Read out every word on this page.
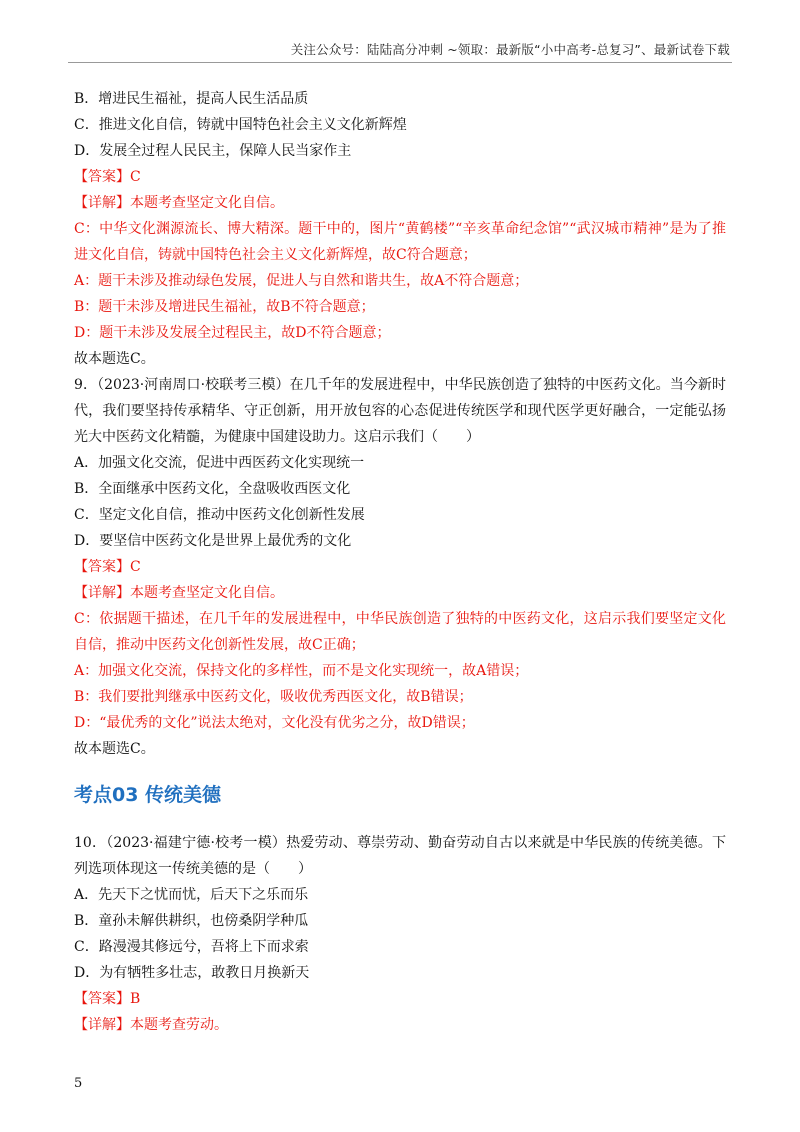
关注公众号：陆陆高分冲刺 ~领取：最新版“小中高考-总复习”、最新试卷下载

B．增进民生福祉，提高人民生活品质

C．推进文化自信，铸就中国特色社会主义文化新辉煌

D．发展全过程人民民主，保障人民当家作主

【答案】C

【详解】本题考查坚定文化自信。

C：中华文化渊源流长、博大精深。题干中的，图片“黄鹤楼”“辛亥革命纪念馆”“武汉城市精神”是为了推进文化自信，铸就中国特色社会主义文化新辉煌，故C符合题意；

A：题干未涉及推动绿色发展，促进人与自然和谐共生，故A不符合题意；

B：题干未涉及增进民生福祉，故B不符合题意；

D：题干未涉及发展全过程民主，故D不符合题意；

故本题选C。

9．（2023·河南周口·校联考三模）在几千年的发展进程中，中华民族创造了独特的中医药文化。当今新时代，我们要坚持传承精华、守正创新，用开放包容的心态促进传统医学和现代医学更好融合，一定能弘扬光大中医药文化精髓，为健康中国建设助力。这启示我们（　　）

A．加强文化交流，促进中西医药文化实现统一

B．全面继承中医药文化，全盘吸收西医文化

C．坚定文化自信，推动中医药文化创新性发展

D．要坚信中医药文化是世界上最优秀的文化

【答案】C

【详解】本题考查坚定文化自信。

C：依据题干描述，在几千年的发展进程中，中华民族创造了独特的中医药文化，这启示我们要坚定文化自信，推动中医药文化创新性发展，故C正确；

A：加强文化交流，保持文化的多样性，而不是文化实现统一，故A错误；

B：我们要批判继承中医药文化，吸收优秀西医文化，故B错误；

D：“最优秀的文化”说法太绝对，文化没有优劣之分，故D错误；

故本题选C。

考点03 传统美德

10．（2023·福建宁德·校考一模）热爱劳动、尊崇劳动、勤奋劳动自古以来就是中华民族的传统美德。下列选项体现这一传统美德的是（　　）

A．先天下之忧而忧，后天下之乐而乐

B．童孙未解供耕织，也傍桑阴学种瓜

C．路漫漫其修远兮，吾将上下而求索

D．为有牺牲多壮志，敢教日月换新天

【答案】B

【详解】本题考查劳动。

5
